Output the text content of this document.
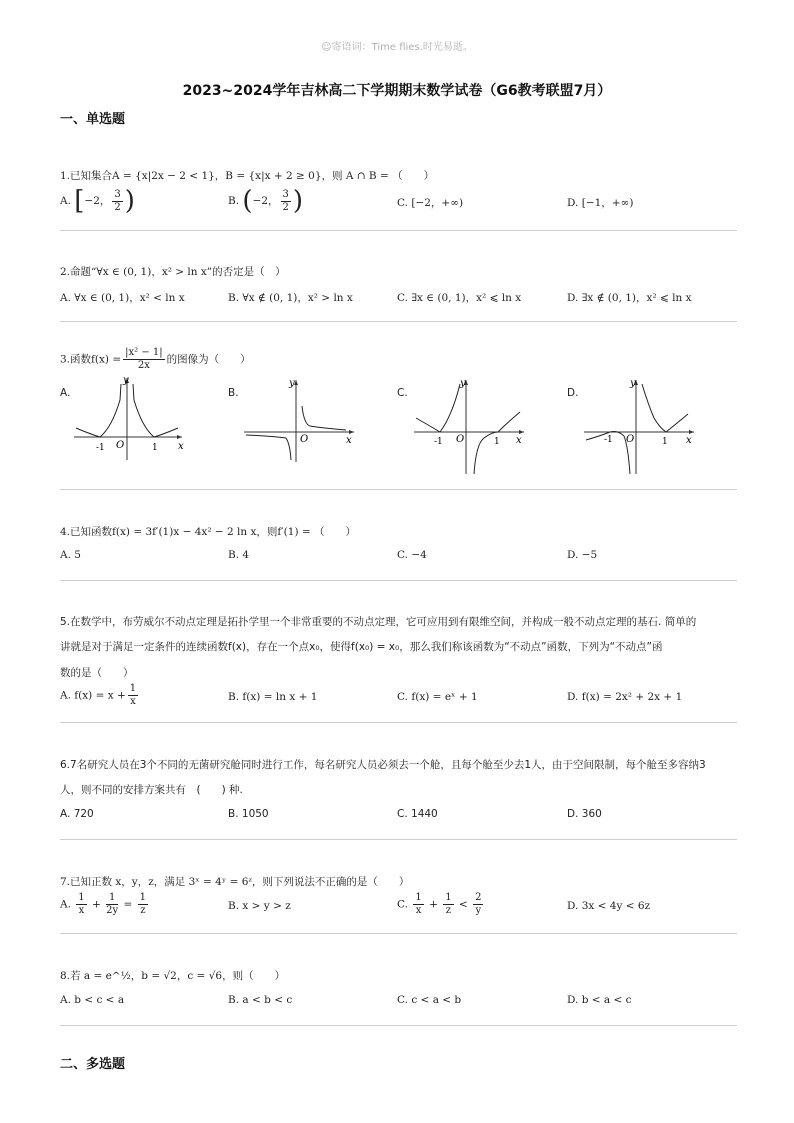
☺寄语词：Time flies.时光易逝。
2023~2024学年吉林高二下学期期末数学试卷（G6教考联盟7月）
一、单选题
1.已知集合A = {x|2x − 2 < 1}，B = {x|x + 2 ≥ 0}，则 A ∩ B = （　　）
A. [−2， $\frac{3}{2}$ )	B. (−2， $\frac{3}{2}$ )	C. [−2，+∞)	D. [−1，+∞)
2.命题“∀x ∈ (0, 1)，x² > ln x”的否定是（　）
A. ∀x ∈ (0, 1)，x² < ln x	B. ∀x ∉ (0, 1)，x² > ln x	C. ∃x ∈ (0, 1)，x² ⩽ ln x	D. ∃x ∉ (0, 1)，x² ⩽ ln x
3.函数$f(x) = \frac{\text{|x² − 1|}}{2x}$ 的图像为（　　）
A.	B.	C.	D.
y
x
O
-1	1
y
x
O
y
x
O
-1	1
y
x
O
-1	1
4.已知函数f(x) = 3f′(1)x − 4x² − 2 ln x，则f′(1) = （　　）
A. 5	B. 4	C. −4	D. −5
5.在数学中，布劳威尔不动点定理是拓扑学里一个非常重要的不动点定理，它可应用到有限维空间，并构成一般不动点定理的基石. 简单的
讲就是对于满足一定条件的连续函数f(x)，存在一个点x₀，使得f(x₀) = x₀，那么我们称该函数为“不动点”函数，下列为“不动点”函
数的是（　　）
A. $f(x) = x + \frac{1}{x}$	B. f(x) = ln x + 1	C. f(x) = eˣ + 1	D. f(x) = 2x² + 2x + 1
6.7名研究人员在3个不同的无菌研究舱同时进行工作，每名研究人员必须去一个舱，且每个舱至少去1人，由于空间限制，每个舱至多容纳3
人，则不同的安排方案共有　(　　) 种.
A. 720	B. 1050	C. 1440	D. 360
7.已知正数 x，y，z，满足 3ˣ = 4ʸ = 6ᶻ，则下列说法不正确的是（　　）
A. $\frac{1}{x} + \frac{1}{2y} = \frac{1}{z}$	B. x > y > z	C. $\frac{1}{x} + \frac{1}{z} < \frac{2}{y}$	D. 3x < 4y < 6z
8.若 a = e^½，b = √2，c = √6，则（　　）
A. b < c < a	B. a < b < c	C. c < a < b	D. b < a < c
二、多选题
